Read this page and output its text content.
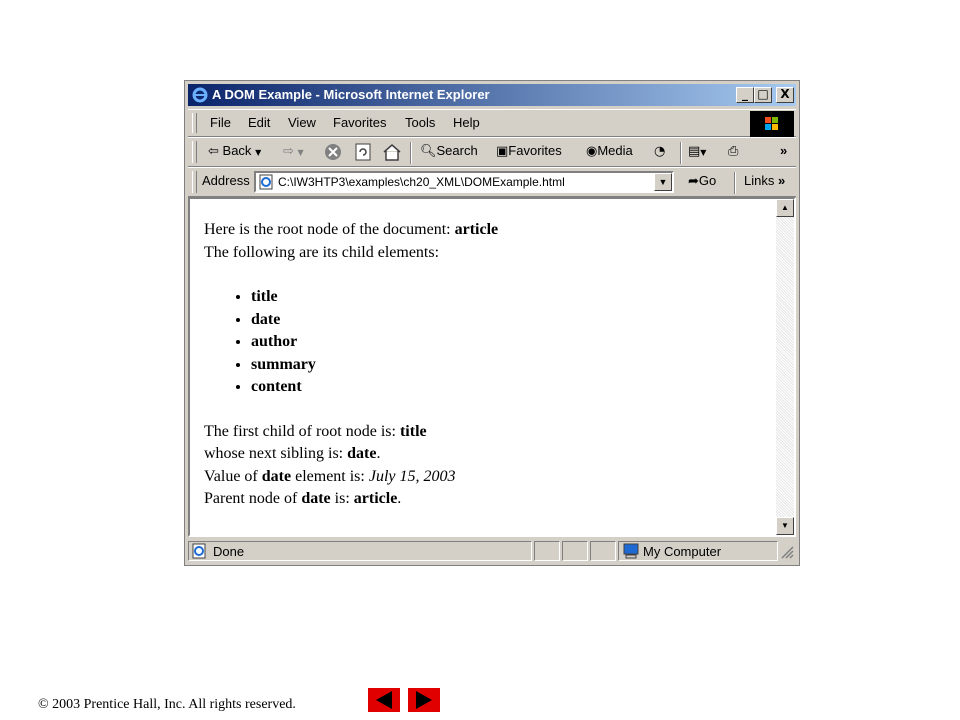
A DOM Example - Microsoft Internet Explorer	_ □ X
File Edit View Favorites Tools Help
⇦ Back ▼ ⇨ ▼	🔍︎Search ▣Favorites ◉Media ◔ ▤▼ ⎙	»
Address C:\IW3HTP3\examples\ch20_XML\DOMExample.html	▼	➦Go Links »

Here is the root node of the document: article

The following are its child elements:

• title
• date
• author
• summary
• content

The first child of root node is: title

whose next sibling is: date.

Value of date element is: July 15, 2003

Parent node of date is: article.

▲
▼
Done	My Computer
© 2003 Prentice Hall, Inc. All rights reserved.
